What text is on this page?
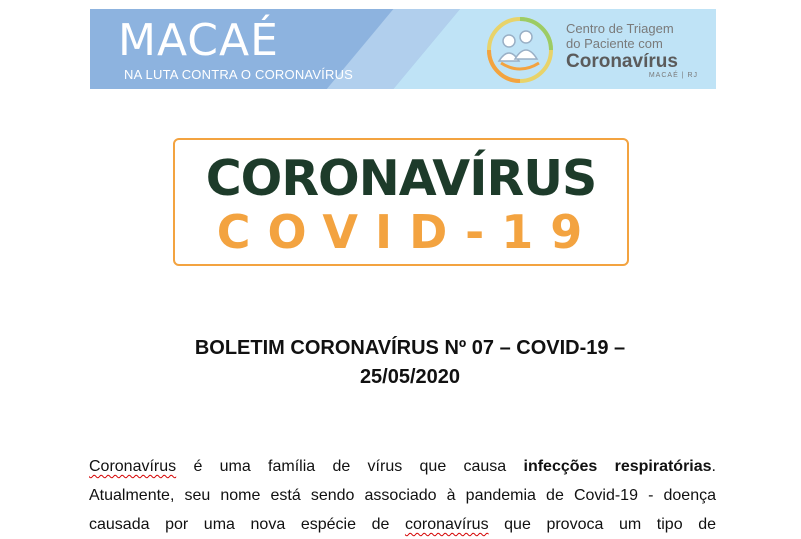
MACAÉ
NA LUTA CONTRA O CORONAVÍRUS
Centro de Triagem
do Paciente com
Coronavírus
MACAÉ | RJ
CORONAVÍRUS
COVID-19
BOLETIM CORONAVÍRUS Nº 07 – COVID-19 –
25/05/2020
Coronavírus é uma família de vírus que causa infecções respiratórias.
Atualmente, seu nome está sendo associado à pandemia de Covid-19 - doença
causada por uma nova espécie de coronavírus que provoca um tipo de
